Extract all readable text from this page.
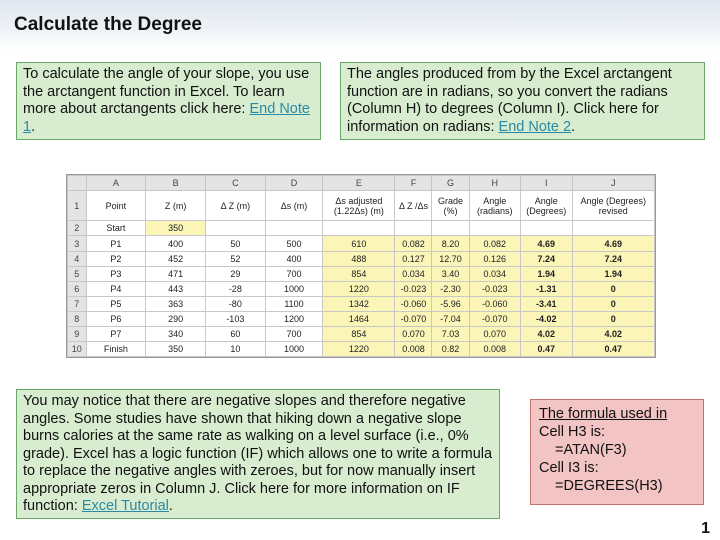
Calculate the Degree
To calculate the angle of your slope, you use the arctangent function in Excel. To learn more about arctangents click here: End Note 1.
The angles produced from by the Excel arctangent function are in radians, so you convert the radians (Column H) to degrees (Column I). Click here for information on radians: End Note 2.
	A	B	C	D	E	F	G	H	I	J
1	Point	Z (m)	Δ Z (m)	Δs (m)	Δs adjusted (1.22Δs) (m)	Δ Z /Δs	Grade (%)	Angle (radians)	Angle (Degrees)	Angle (Degrees) revised
2	Start	350								
3	P1	400	50	500	610	0.082	8.20	0.082	4.69	4.69
4	P2	452	52	400	488	0.127	12.70	0.126	7.24	7.24
5	P3	471	29	700	854	0.034	3.40	0.034	1.94	1.94
6	P4	443	-28	1000	1220	-0.023	-2.30	-0.023	-1.31	0
7	P5	363	-80	1100	1342	-0.060	-5.96	-0.060	-3.41	0
8	P6	290	-103	1200	1464	-0.070	-7.04	-0.070	-4.02	0
9	P7	340	60	700	854	0.070	7.03	0.070	4.02	4.02
10	Finish	350	10	1000	1220	0.008	0.82	0.008	0.47	0.47
You may notice that there are negative slopes and therefore negative angles. Some studies have shown that hiking down a negative slope burns calories at the same rate as walking on a level surface (i.e., 0% grade). Excel has a logic function (IF) which allows one to write a formula to replace the negative angles with zeroes, but for now manually insert appropriate zeros in Column J. Click here for more information on IF function: Excel Tutorial.
The formula used in
Cell H3 is:
=ATAN(F3)
Cell I3 is:
=DEGREES(H3)
1
